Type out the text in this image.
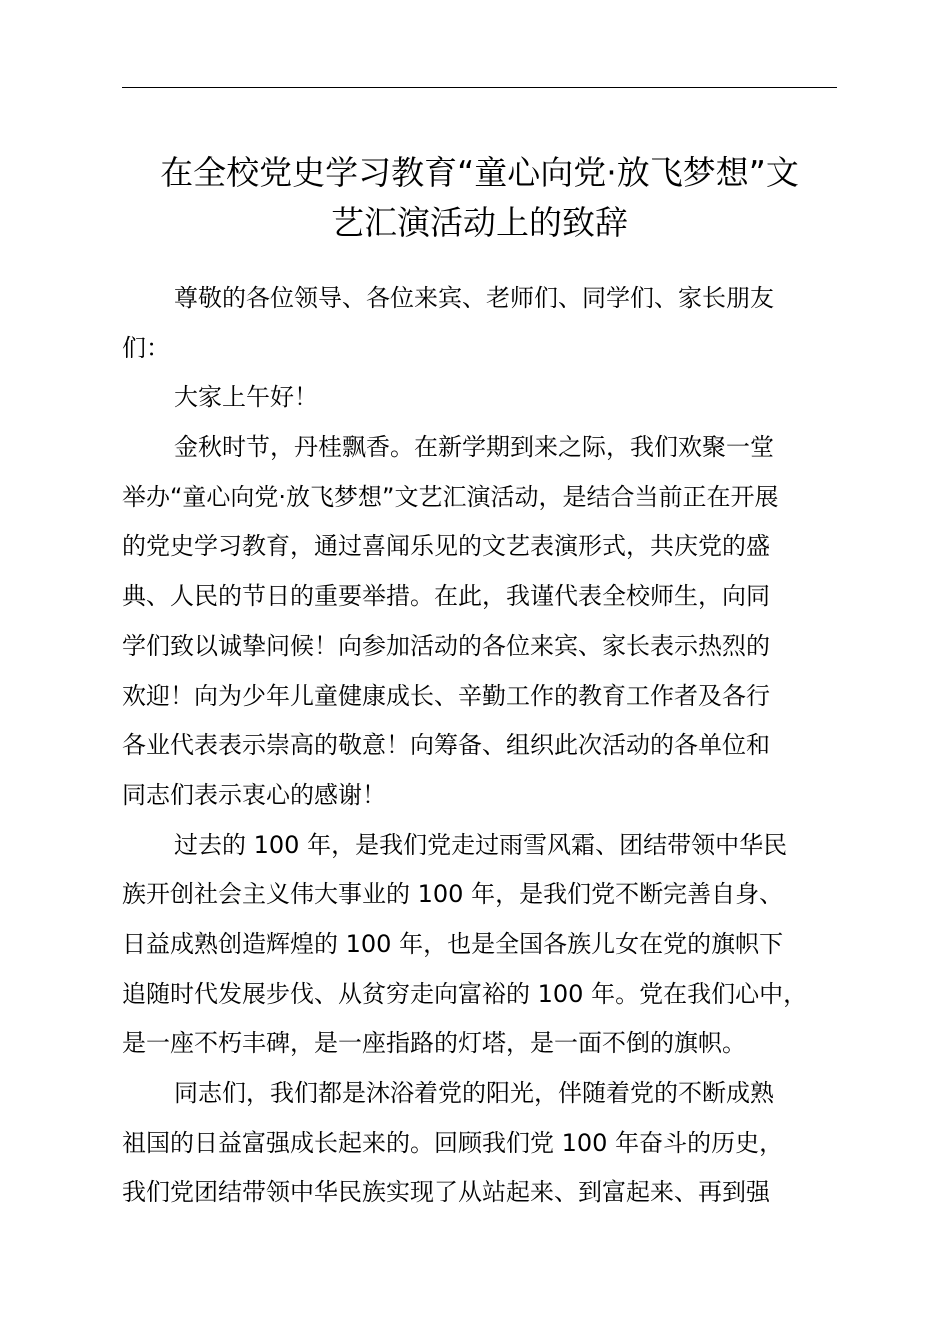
在全校党史学习教育“童心向党·放飞梦想”文
艺汇演活动上的致辞

尊敬的各位领导、各位来宾、老师们、同学们、家长朋友
们：

大家上午好！

金秋时节，丹桂飘香。在新学期到来之际，我们欢聚一堂
举办“童心向党·放飞梦想”文艺汇演活动，是结合当前正在开展
的党史学习教育，通过喜闻乐见的文艺表演形式，共庆党的盛
典、人民的节日的重要举措。在此，我谨代表全校师生，向同
学们致以诚挚问候！向参加活动的各位来宾、家长表示热烈的
欢迎！向为少年儿童健康成长、辛勤工作的教育工作者及各行
各业代表表示崇高的敬意！向筹备、组织此次活动的各单位和
同志们表示衷心的感谢！

过去的 100 年，是我们党走过雨雪风霜、团结带领中华民
族开创社会主义伟大事业的 100 年，是我们党不断完善自身、
日益成熟创造辉煌的 100 年，也是全国各族儿女在党的旗帜下
追随时代发展步伐、从贫穷走向富裕的 100 年。党在我们心中，
是一座不朽丰碑，是一座指路的灯塔，是一面不倒的旗帜。

同志们，我们都是沐浴着党的阳光，伴随着党的不断成熟
祖国的日益富强成长起来的。回顾我们党 100 年奋斗的历史，
我们党团结带领中华民族实现了从站起来、到富起来、再到强
